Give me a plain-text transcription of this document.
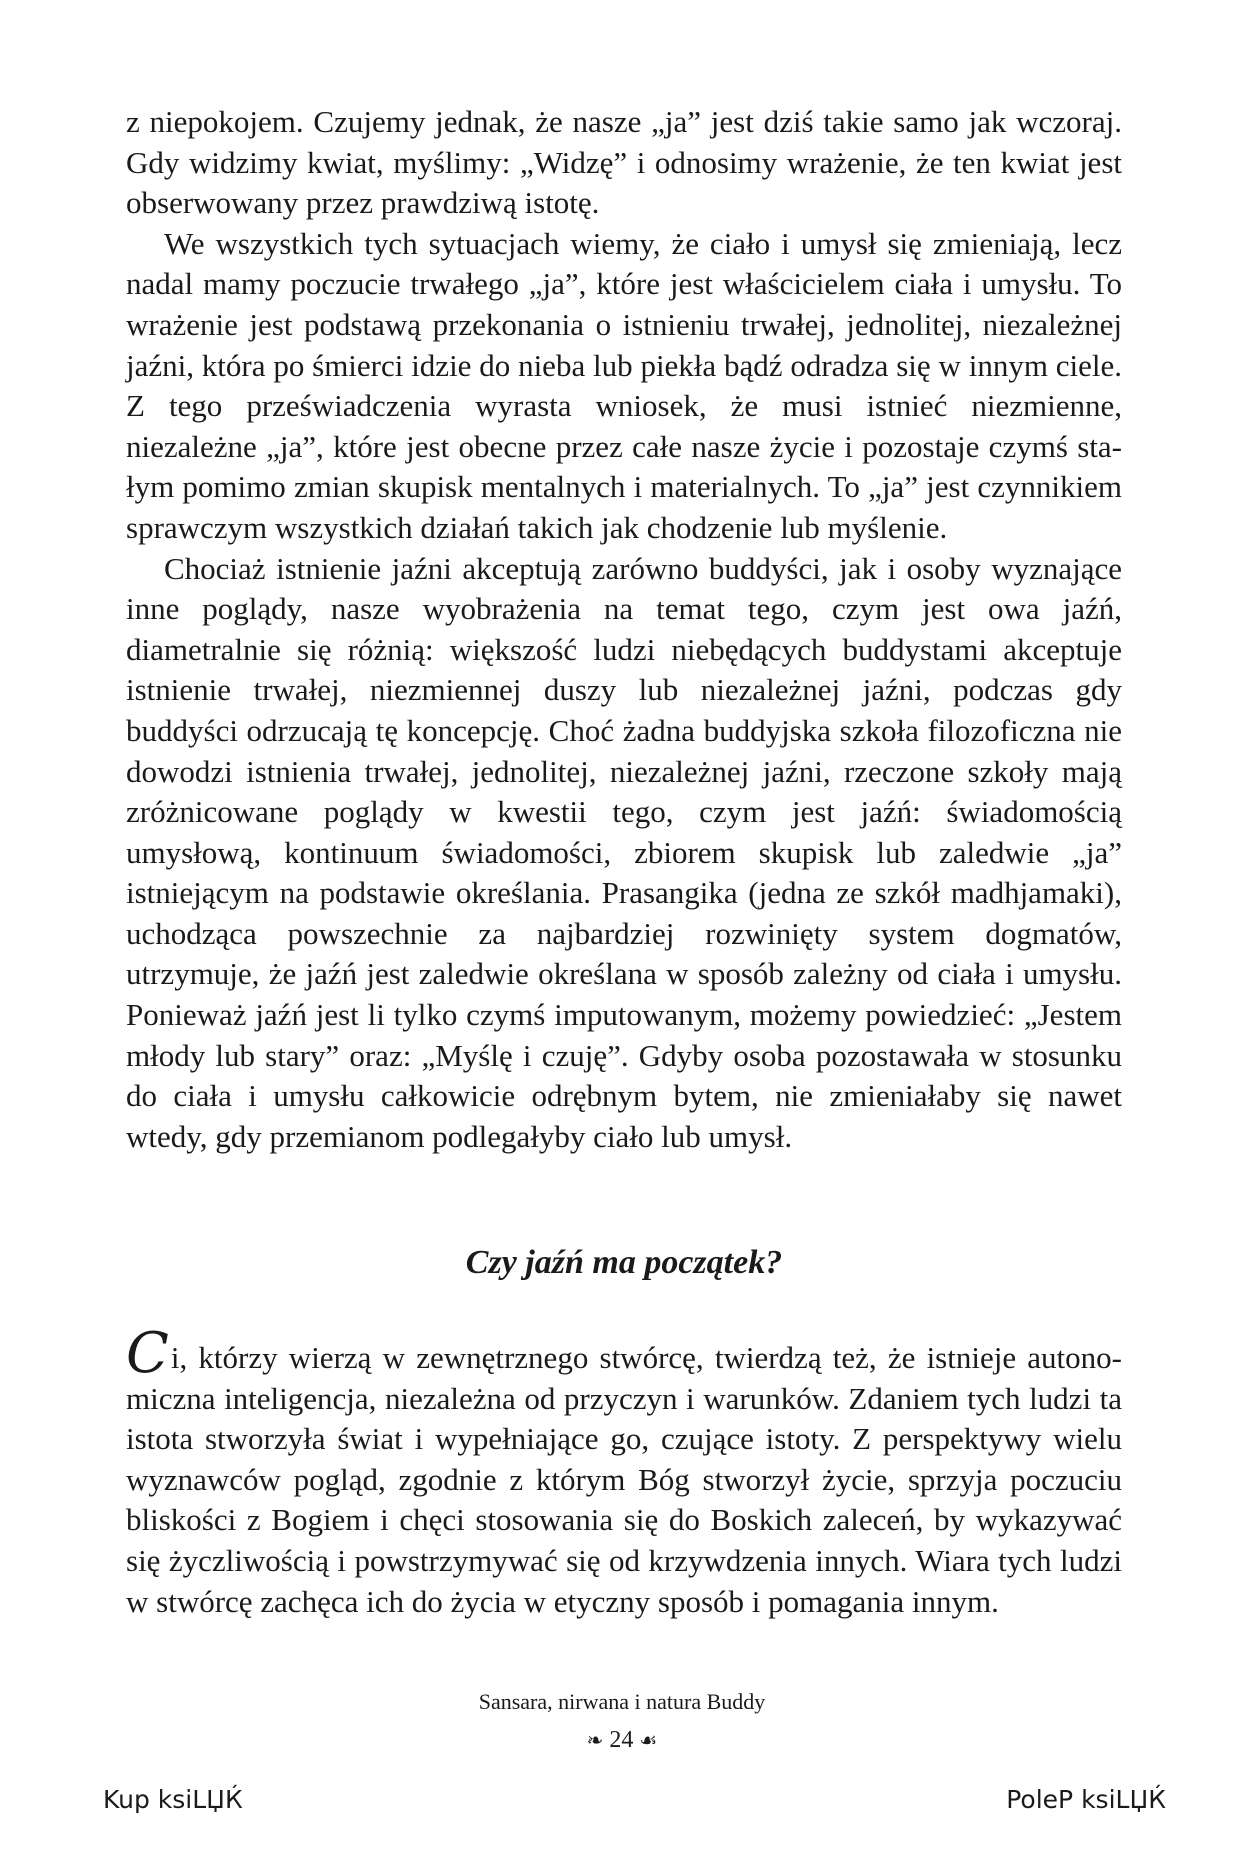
z niepokojem. Czujemy jednak, że nasze „ja” jest dziś takie samo jak wczoraj. Gdy widzimy kwiat, myślimy: „Widzę” i odnosimy wrażenie, że ten kwiat jest obserwowany przez prawdziwą istotę.

We wszystkich tych sytuacjach wiemy, że ciało i umysł się zmieniają, lecz nadal mamy poczucie trwałego „ja”, które jest właścicielem ciała i umysłu. To wrażenie jest podstawą przekonania o istnieniu trwałej, jednolitej, niezależnej jaźni, która po śmierci idzie do nieba lub piekła bądź odradza się w innym ciele. Z tego przeświadczenia wyrasta wniosek, że musi istnieć niezmienne, niezależne „ja”, które jest obecne przez całe nasze życie i pozostaje czymś stałym pomimo zmian skupisk mentalnych i materialnych. To „ja” jest czynnikiem sprawczym wszystkich działań takich jak chodzenie lub myślenie.

Chociaż istnienie jaźni akceptują zarówno buddyści, jak i osoby wyznające inne poglądy, nasze wyobrażenia na temat tego, czym jest owa jaźń, diametralnie się różnią: większość ludzi niebędących buddystami akceptuje istnienie trwałej, niezmiennej duszy lub niezależnej jaźni, podczas gdy buddyści odrzucają tę koncepcję. Choć żadna buddyjska szkoła filozoficzna nie dowodzi istnienia trwałej, jednolitej, niezależnej jaźni, rzeczone szkoły mają zróżnicowane poglądy w kwestii tego, czym jest jaźń: świadomością umysłową, kontinuum świadomości, zbiorem skupisk lub zaledwie „ja” istniejącym na podstawie określania. Prasangika (jedna ze szkół madhjamaki), uchodząca powszechnie za najbardziej rozwinięty system dogmatów, utrzymuje, że jaźń jest zaledwie określana w sposób zależny od ciała i umysłu. Ponieważ jaźń jest li tylko czymś imputowanym, możemy powiedzieć: „Jestem młody lub stary” oraz: „Myślę i czuję”. Gdyby osoba pozostawała w stosunku do ciała i umysłu całkowicie odrębnym bytem, nie zmieniałaby się nawet wtedy, gdy przemianom podlegałyby ciało lub umysł.

Czy jaźń ma początek?

Ci, którzy wierzą w zewnętrznego stwórcę, twierdzą też, że istnieje autonomiczna inteligencja, niezależna od przyczyn i warunków. Zdaniem tych ludzi ta istota stworzyła świat i wypełniające go, czujące istoty. Z perspektywy wielu wyznawców pogląd, zgodnie z którym Bóg stworzył życie, sprzyja poczuciu bliskości z Bogiem i chęci stosowania się do Boskich zaleceń, by wykazywać się życzliwością i powstrzymywać się od krzywdzenia innych. Wiara tych ludzi w stwórcę zachęca ich do życia w etyczny sposób i pomagania innym.

Sansara, nirwana i natura Buddy
❧ 24 ☙
Kup ksiLЏЌ	PoleP ksiLЏЌ
